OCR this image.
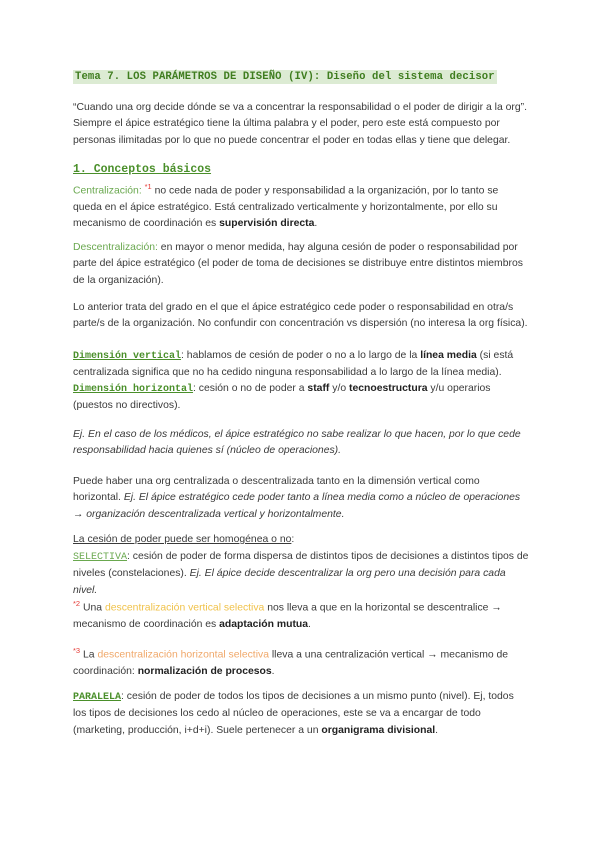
Tema 7. LOS PARÁMETROS DE DISEÑO (IV): Diseño del sistema decisor
1. Conceptos básicos
“Cuando una org decide dónde se va a concentrar la responsabilidad o el poder de dirigir a la org”. Siempre el ápice estratégico tiene la última palabra y el poder, pero este está compuesto por personas ilimitadas por lo que no puede concentrar el poder en todas ellas y tiene que delegar.
Centralización: $^{*1}$ no cede nada de poder y responsabilidad a la organización, por lo tanto se queda en el ápice estratégico. Está centralizado verticalmente y horizontalmente, por ello su mecanismo de coordinación es supervisión directa.
Descentralización: en mayor o menor medida, hay alguna cesión de poder o responsabilidad por parte del ápice estratégico (el poder de toma de decisiones se distribuye entre distintos miembros de la organización).
Lo anterior trata del grado en el que el ápice estratégico cede poder o responsabilidad en otra/s parte/s de la organización. No confundir con concentración vs dispersión (no interesa la org física).
Dimensión vertical: hablamos de cesión de poder o no a lo largo de la línea media (si está centralizada significa que no ha cedido ninguna responsabilidad a lo largo de la línea media).
Dimensión horizontal: cesión o no de poder a staff y/o tecnoestructura y/u operarios (puestos no directivos).
Ej. En el caso de los médicos, el ápice estratégico no sabe realizar lo que hacen, por lo que cede responsabilidad hacia quienes sí (núcleo de operaciones).
Puede haber una org centralizada o descentralizada tanto en la dimensión vertical como horizontal. Ej. El ápice estratégico cede poder tanto a línea media como a núcleo de operaciones → organización descentralizada vertical y horizontalmente.
La cesión de poder puede ser homogénea o no:
SELECTIVA: cesión de poder de forma dispersa de distintos tipos de decisiones a distintos tipos de niveles (constelaciones). Ej. El ápice decide descentralizar la org pero una decisión para cada nivel.
$^{*2}$ Una descentralización vertical selectiva nos lleva a que en la horizontal se descentralice → mecanismo de coordinación es adaptación mutua.
$^{*3}$ La descentralización horizontal selectiva lleva a una centralización vertical → mecanismo de coordinación: normalización de procesos.
PARALELA: cesión de poder de todos los tipos de decisiones a un mismo punto (nivel). Ej, todos los tipos de decisiones los cedo al núcleo de operaciones, este se va a encargar de todo (marketing, producción, i+d+i). Suele pertenecer a un organigrama divisional.
